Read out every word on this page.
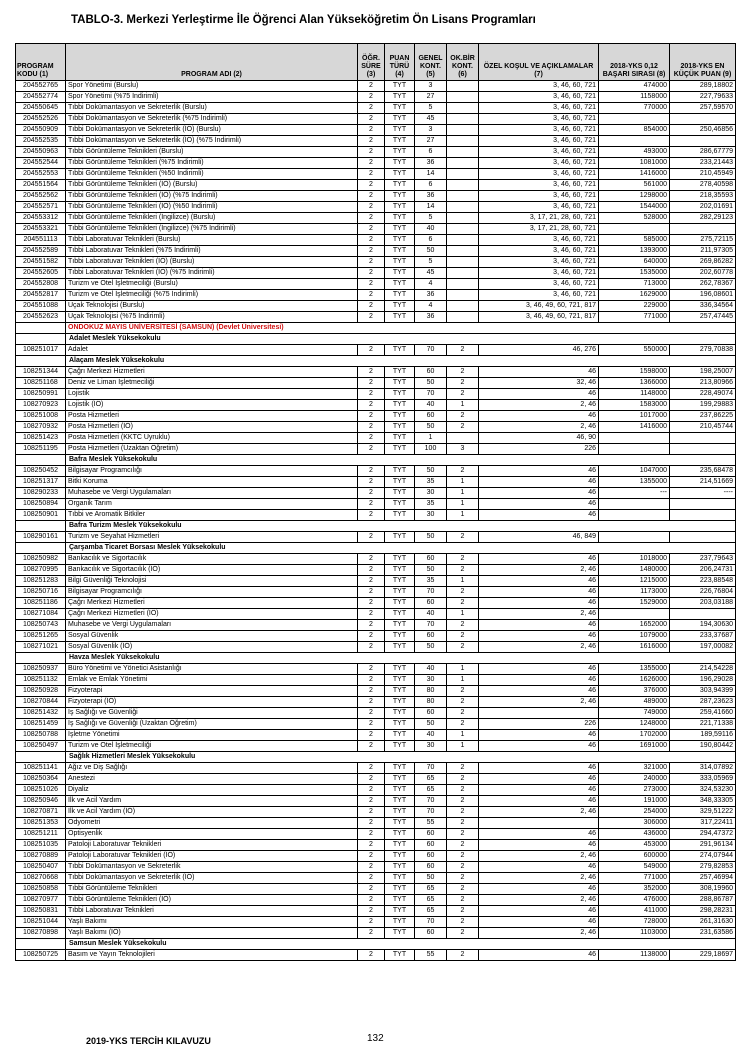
TABLO-3. Merkezi Yerleştirme İle Öğrenci Alan Yükseköğretim Ön Lisans Programları
PROGRAM KODU (1)	PROGRAM ADI (2)	ÖĞR. SÜRE (3)	PUAN TÜRÜ (4)	GENEL KONT. (5)	OK.BİR KONT. (6)	ÖZEL KOŞUL VE AÇIKLAMALAR (7)	2018-YKS 0,12 BAŞARI SIRASI (8)	2018-YKS EN KÜÇÜK PUAN (9)
204552765	Spor Yönetimi (Burslu)	2	TYT	3		3, 46, 60, 721	474000	289,18802
204552774	Spor Yönetimi (%75 İndirimli)	2	TYT	27		3, 46, 60, 721	1158000	227,79633
204550645	Tıbbi Dokümantasyon ve Sekreterlik (Burslu)	2	TYT	5		3, 46, 60, 721	770000	257,59570
204552526	Tıbbi Dokümantasyon ve Sekreterlik (%75 İndirimli)	2	TYT	45		3, 46, 60, 721		
204550909	Tıbbi Dokümantasyon ve Sekreterlik (İÖ) (Burslu)	2	TYT	3		3, 46, 60, 721	854000	250,46856
204552535	Tıbbi Dokümantasyon ve Sekreterlik (İÖ) (%75 İndirimli)	2	TYT	27		3, 46, 60, 721		
204550963	Tıbbi Görüntüleme Teknikleri (Burslu)	2	TYT	6		3, 46, 60, 721	493000	286,67779
204552544	Tıbbi Görüntüleme Teknikleri (%75 İndirimli)	2	TYT	36		3, 46, 60, 721	1081000	233,21443
204552553	Tıbbi Görüntüleme Teknikleri (%50 İndirimli)	2	TYT	14		3, 46, 60, 721	1416000	210,45949
204551564	Tıbbi Görüntüleme Teknikleri (İÖ) (Burslu)	2	TYT	6		3, 46, 60, 721	561000	278,40598
204552562	Tıbbi Görüntüleme Teknikleri (İÖ) (%75 İndirimli)	2	TYT	36		3, 46, 60, 721	1298000	218,35593
204552571	Tıbbi Görüntüleme Teknikleri (İÖ) (%50 İndirimli)	2	TYT	14		3, 46, 60, 721	1544000	202,01691
204553312	Tıbbi Görüntüleme Teknikleri (İngilizce) (Burslu)	2	TYT	5		3, 17, 21, 28, 60, 721	528000	282,29123
204553321	Tıbbi Görüntüleme Teknikleri (İngilizce) (%75 İndirimli)	2	TYT	40		3, 17, 21, 28, 60, 721		
204551113	Tıbbi Laboratuvar Teknikleri (Burslu)	2	TYT	6		3, 46, 60, 721	585000	275,72115
204552589	Tıbbi Laboratuvar Teknikleri (%75 İndirimli)	2	TYT	50		3, 46, 60, 721	1393000	211,97305
204551582	Tıbbi Laboratuvar Teknikleri (İÖ) (Burslu)	2	TYT	5		3, 46, 60, 721	640000	269,86282
204552605	Tıbbi Laboratuvar Teknikleri (İÖ) (%75 İndirimli)	2	TYT	45		3, 46, 60, 721	1535000	202,60778
204552808	Turizm ve Otel İşletmeciliği (Burslu)	2	TYT	4		3, 46, 60, 721	713000	262,78367
204552817	Turizm ve Otel İşletmeciliği (%75 İndirimli)	2	TYT	36		3, 46, 60, 721	1629000	196,08601
204551088	Uçak Teknolojisi (Burslu)	2	TYT	4		3, 46, 49, 60, 721, 817	229000	336,34564
204552623	Uçak Teknolojisi (%75 İndirimli)	2	TYT	36		3, 46, 49, 60, 721, 817	771000	257,47445
	ONDOKUZ MAYIS ÜNİVERSİTESİ (SAMSUN) (Devlet Üniversitesi)							
	Adalet Meslek Yüksekokulu							
108251017	Adalet	2	TYT	70	2	46, 276	550000	279,70838
	Alaçam Meslek Yüksekokulu							
108251344	Çağrı Merkezi Hizmetleri	2	TYT	60	2	46	1598000	198,25007
108251168	Deniz ve Liman İşletmeciliği	2	TYT	50	2	32, 46	1366000	213,80966
108250991	Lojistik	2	TYT	70	2	46	1148000	228,49074
108270923	Lojistik (İÖ)	2	TYT	40	1	2, 46	1583000	199,29883
108251008	Posta Hizmetleri	2	TYT	60	2	46	1017000	237,86225
108270932	Posta Hizmetleri (İÖ)	2	TYT	50	2	2, 46	1416000	210,45744
108251423	Posta Hizmetleri (KKTC Uyruklu)	2	TYT	1		46, 90		
108251195	Posta Hizmetleri (Uzaktan Öğretim)	2	TYT	100	3	226		
	Bafra Meslek Yüksekokulu							
108250452	Bilgisayar Programcılığı	2	TYT	50	2	46	1047000	235,68478
108251317	Bitki Koruma	2	TYT	35	1	46	1355000	214,51669
108290233	Muhasebe ve Vergi Uygulamaları	2	TYT	30	1	46	---	----
108250894	Organik Tarım	2	TYT	35	1	46		
108250901	Tıbbi ve Aromatik Bitkiler	2	TYT	30	1	46		
	Bafra Turizm Meslek Yüksekokulu							
108290161	Turizm ve Seyahat Hizmetleri	2	TYT	50	2	46, 849		
	Çarşamba Ticaret Borsası Meslek Yüksekokulu							
108250982	Bankacılık ve Sigortacılık	2	TYT	60	2	46	1018000	237,79643
108270995	Bankacılık ve Sigortacılık (İÖ)	2	TYT	50	2	2, 46	1480000	206,24731
108251283	Bilgi Güvenliği Teknolojisi	2	TYT	35	1	46	1215000	223,88548
108250716	Bilgisayar Programcılığı	2	TYT	70	2	46	1173000	226,76804
108251186	Çağrı Merkezi Hizmetleri	2	TYT	60	2	46	1529000	203,03188
108271084	Çağrı Merkezi Hizmetleri (İÖ)	2	TYT	40	1	2, 46		
108250743	Muhasebe ve Vergi Uygulamaları	2	TYT	70	2	46	1652000	194,30630
108251265	Sosyal Güvenlik	2	TYT	60	2	46	1079000	233,37687
108271021	Sosyal Güvenlik (İÖ)	2	TYT	50	2	2, 46	1616000	197,00082
	Havza Meslek Yüksekokulu							
108250937	Büro Yönetimi ve Yönetici Asistanlığı	2	TYT	40	1	46	1355000	214,54228
108251132	Emlak ve Emlak Yönetimi	2	TYT	30	1	46	1626000	196,29028
108250928	Fizyoterapi	2	TYT	80	2	46	376000	303,94399
108270844	Fizyoterapi (İÖ)	2	TYT	80	2	2, 46	489000	287,23623
108251432	İş Sağlığı ve Güvenliği	2	TYT	60	2		749000	259,41660
108251459	İş Sağlığı ve Güvenliği (Uzaktan Öğretim)	2	TYT	50	2	226	1248000	221,71338
108250788	İşletme Yönetimi	2	TYT	40	1	46	1702000	189,59116
108250497	Turizm ve Otel İşletmeciliği	2	TYT	30	1	46	1691000	190,80442
	Sağlık Hizmetleri Meslek Yüksekokulu							
108251141	Ağız ve Diş Sağlığı	2	TYT	70	2	46	321000	314,07892
108250364	Anestezi	2	TYT	65	2	46	240000	333,05969
108251026	Diyaliz	2	TYT	65	2	46	273000	324,53230
108250946	İlk ve Acil Yardım	2	TYT	70	2	46	191000	348,33305
108270871	İlk ve Acil Yardım (İÖ)	2	TYT	70	2	2, 46	254000	329,51222
108251353	Odyometri	2	TYT	55	2		306000	317,22411
108251211	Optisyenlik	2	TYT	60	2	46	436000	294,47372
108251035	Patoloji Laboratuvar Teknikleri	2	TYT	60	2	46	453000	291,96134
108270889	Patoloji Laboratuvar Teknikleri (İÖ)	2	TYT	60	2	2, 46	600000	274,07944
108250407	Tıbbi Dokümantasyon ve Sekreterlik	2	TYT	60	2	46	549000	279,82853
108270668	Tıbbi Dokümantasyon ve Sekreterlik (İÖ)	2	TYT	50	2	2, 46	771000	257,46994
108250858	Tıbbi Görüntüleme Teknikleri	2	TYT	65	2	46	352000	308,19960
108270977	Tıbbi Görüntüleme Teknikleri (İÖ)	2	TYT	65	2	2, 46	476000	288,86787
108250831	Tıbbi Laboratuvar Teknikleri	2	TYT	65	2	46	411000	298,28231
108251044	Yaşlı Bakımı	2	TYT	70	2	46	728000	261,31630
108270898	Yaşlı Bakımı (İÖ)	2	TYT	60	2	2, 46	1103000	231,63586
	Samsun Meslek Yüksekokulu							
108250725	Basım ve Yayın Teknolojileri	2	TYT	55	2	46	1138000	229,18697
2019-YKS TERCİH KILAVUZU	132
